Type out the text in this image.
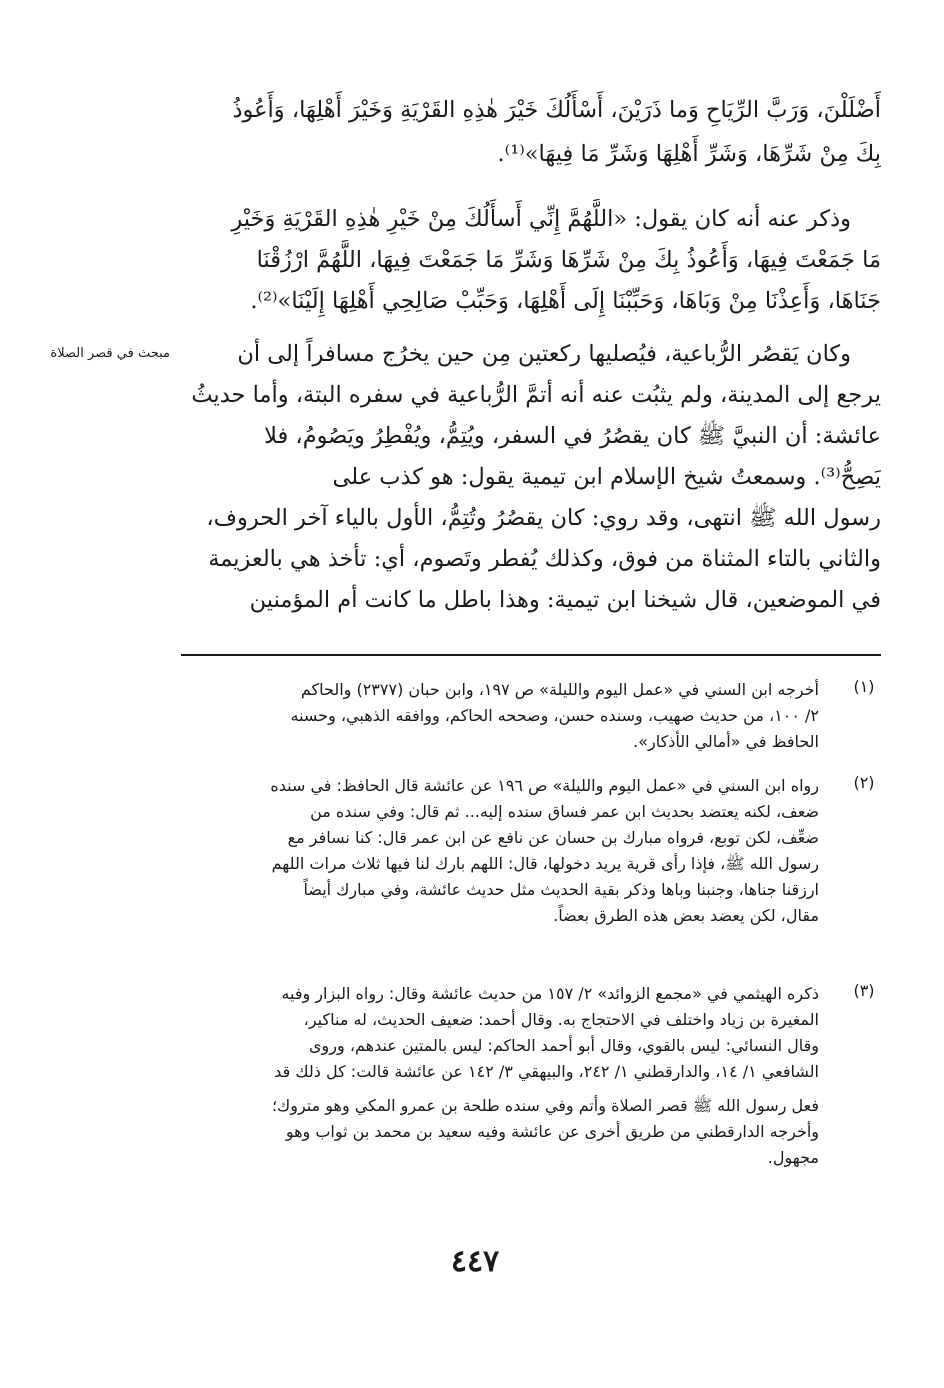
أَضْلَلْنَ، وَرَبَّ الرِّيَاحِ وَما ذَرَيْنَ، أَسْأَلُكَ خَيْرَ هٰذِهِ القَرْيَةِ وَخَيْرَ أَهْلِهَا، وَأَعُوذُ
بِكَ مِنْ شَرِّهَا، وَشَرِّ أَهْلِهَا وَشَرِّ مَا فِيهَا»⁽¹⁾.
وذكر عنه أنه كان يقول: «اللَّهُمَّ إِنِّي أَسأَلُكَ مِنْ خَيْرِ هٰذِهِ القَرْيَةِ وَخَيْرِ
مَا جَمَعْتَ فِيهَا، وَأَعُوذُ بِكَ مِنْ شَرِّهَا وَشَرِّ مَا جَمَعْتَ فِيهَا، اللَّهُمَّ ارْزُقْنَا
جَنَاهَا، وَأَعِذْنَا مِنْ وَبَاهَا، وَحَبِّبْنَا إِلَى أَهْلِهَا، وَحَبِّبْ صَالِحِي أَهْلِهَا إِلَيْنَا»⁽²⁾.
مبحث في قصر الصلاة	وكان يَقصُر الرُّباعية، فيُصليها ركعتين مِن حين يخرُج مسافراً إلى أن
يرجع إلى المدينة، ولم يثبُت عنه أنه أتمَّ الرُّباعية في سفره البتة، وأما حديثُ
عائشة: أن النبيَّ ﷺ كان يقصُرُ في السفر، ويُتِمُّ، ويُفْطِرُ ويَصُومُ، فلا
يَصِحُّ⁽³⁾. وسمعتُ شيخ الإسلام ابن تيمية يقول: هو كذب على
رسول الله ﷺ انتهى، وقد روي: كان يقصُرُ وتُتِمُّ، الأول بالياء آخر الحروف،
والثاني بالتاء المثناة من فوق، وكذلك يُفطر وتَصوم، أي: تأخذ هي بالعزيمة
في الموضعين، قال شيخنا ابن تيمية: وهذا باطل ما كانت أم المؤمنين
(١)
أخرجه ابن السني في «عمل اليوم والليلة» ص ١٩٧، وابن حبان (٢٣٧٧) والحاكم
٢/ ١٠٠، من حديث صهيب، وسنده حسن، وصححه الحاكم، ووافقه الذهبي، وحسنه
الحافظ في «أمالي الأذكار».
(٢)
رواه ابن السني في «عمل اليوم والليلة» ص ١٩٦ عن عائشة قال الحافظ: في سنده
ضعف، لكنه يعتضد بحديث ابن عمر فساق سنده إليه... ثم قال: وفي سنده من
ضعِّف، لكن توبع، فرواه مبارك بن حسان عن نافع عن ابن عمر قال: كنا نسافر مع
رسول الله ﷺ، فإذا رأى قرية يريد دخولها، قال: اللهم بارك لنا فيها ثلاث مرات اللهم
ارزقنا جناها، وجنبنا وباها وذكر بقية الحديث مثل حديث عائشة، وفي مبارك أيضاً
مقال، لكن يعضد بعض هذه الطرق بعضاً.
(٣)
ذكره الهيثمي في «مجمع الزوائد» ٢/ ١٥٧ من حديث عائشة وقال: رواه البزار وفيه
المغيرة بن زياد واختلف في الاحتجاج به. وقال أحمد: ضعيف الحديث، له مناكير،
وقال النسائي: ليس بالقوي، وقال أبو أحمد الحاكم: ليس بالمتين عندهم، وروى
الشافعي ١/ ١٤، والدارقطني ١/ ٢٤٢، والبيهقي ٣/ ١٤٢ عن عائشة قالت: كل ذلك قد
فعل رسول الله ﷺ قصر الصلاة وأتم وفي سنده طلحة بن عمرو المكي وهو متروك؛
وأخرجه الدارقطني من طريق أخرى عن عائشة وفيه سعيد بن محمد بن ثواب وهو
مجهول.
٤٤٧
